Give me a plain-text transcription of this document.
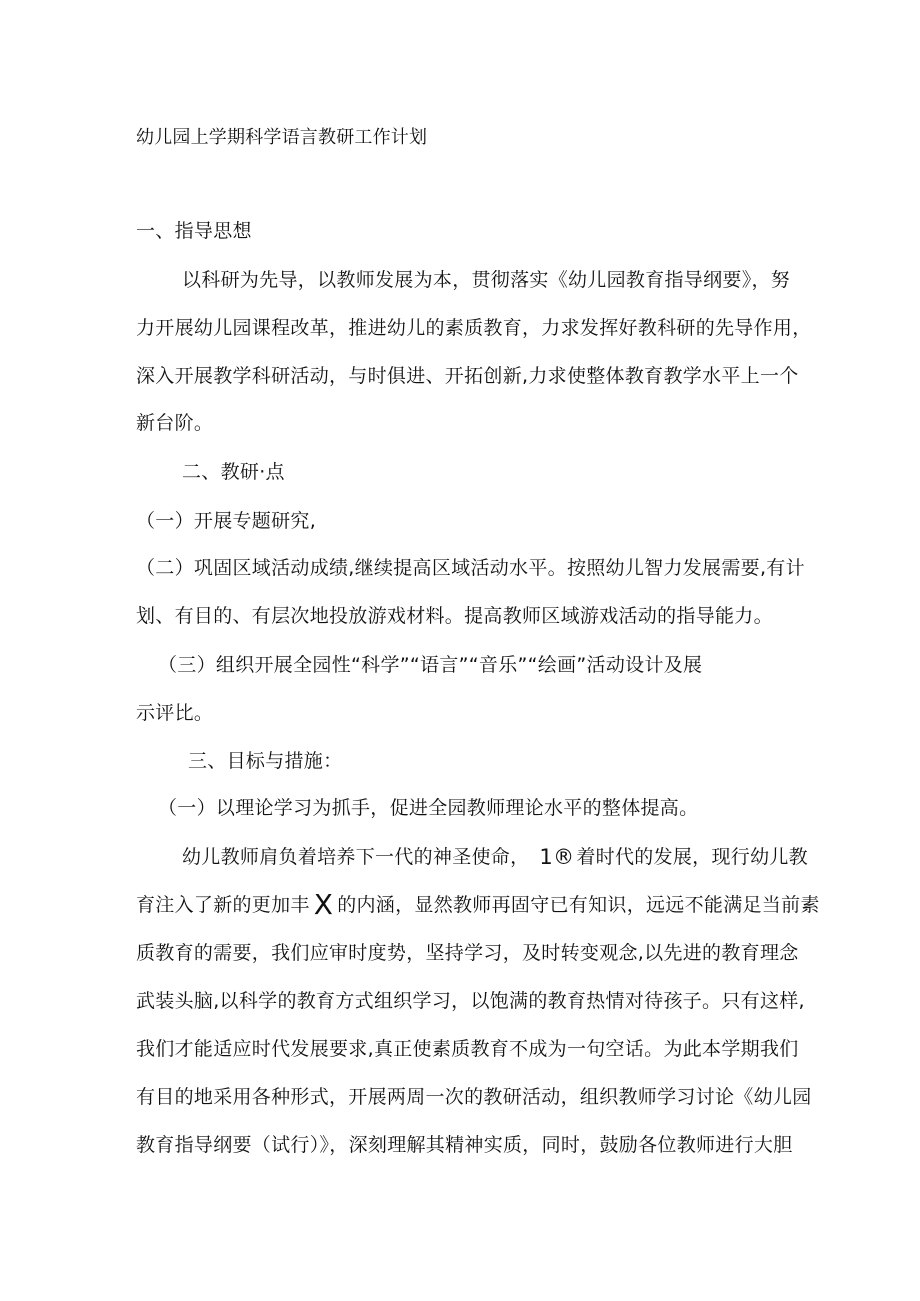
幼儿园上学期科学语言教研工作计划
一、指导思想
以科研为先导，以教师发展为本，贯彻落实《幼儿园教育指导纲要》，努
力开展幼儿园课程改革，推进幼儿的素质教育，力求发挥好教科研的先导作用，
深入开展教学科研活动，与时俱进、开拓创新,力求使整体教育教学水平上一个
新台阶。
二、教研·点
（一）开展专题研究,
（二）巩固区域活动成绩,继续提高区域活动水平。按照幼儿智力发展需要,有计
划、有目的、有层次地投放游戏材料。提高教师区域游戏活动的指导能力。
（三）组织开展全园性“科学”“语言”“音乐”“绘画”活动设计及展
示评比。
三、目标与措施：
（一）以理论学习为抓手，促进全园教师理论水平的整体提高。
幼儿教师肩负着培养下一代的神圣使命， 1® 着时代的发展，现行幼儿教
育注入了新的更加丰 X 的内涵，显然教师再固守已有知识，远远不能满足当前素
质教育的需要，我们应审时度势，坚持学习，及时转变观念,以先进的教育理念
武装头脑,以科学的教育方式组织学习，以饱满的教育热情对待孩子。只有这样,
我们才能适应时代发展要求,真正使素质教育不成为一句空话。为此本学期我们
有目的地采用各种形式，开展两周一次的教研活动，组织教师学习讨论《幼儿园
教育指导纲要（试行）》，深刻理解其精神实质，同时，鼓励各位教师进行大胆
